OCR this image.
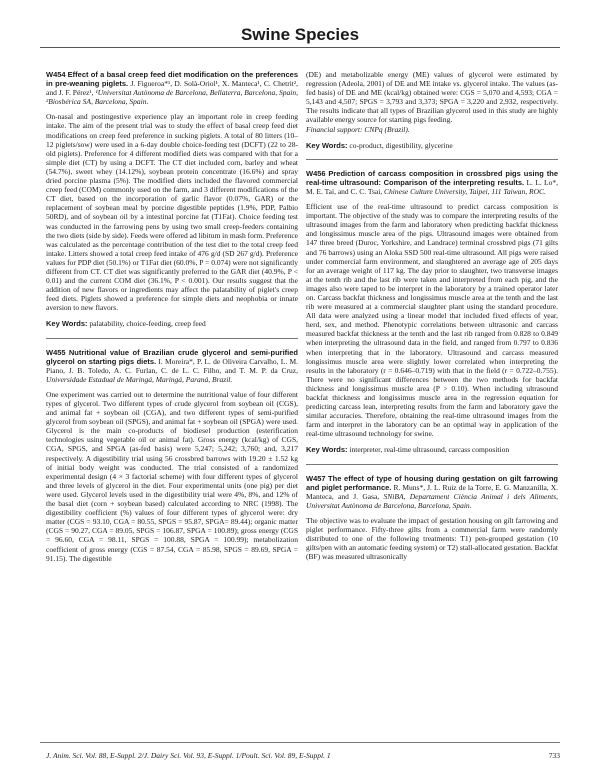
Swine Species

W454 Effect of a basal creep feed diet modification on the preferences in pre-weaning piglets. J. Figueroa*¹, D. Solà-Oriol¹, X. Manteca¹, C. Chetrit², and J. F. Pérez¹, ¹Universitat Autònoma de Barcelona, Bellaterra, Barcelona, Spain, ²Biosbérica SA, Barcelona, Spain.

On-nasal and postingestive experience play an important role in creep feeding intake. The aim of the present trial was to study the effect of basal creep feed diet modifications on creep feed preference in sucking piglets. A total of 80 litters (10–12 piglets/sow) were used in a 6-day double choice-feeding test (DCFT) (22 to 28-old piglets). Preference for 4 different modified diets was compared with that for a simple diet (CT) by using a DCFT. The CT diet included corn, barley and wheat (54.7%), sweet whey (14.12%), soybean protein concentrate (16.6%) and spray dried porcine plasma (5%). The modified diets included the flavored commercial creep feed (COM) commonly used on the farm, and 3 different modifications of the CT diet, based on the incorporation of garlic flavor (0.07%, GAR) or the replacement of soybean meal by porcine digestible peptides (1.9%, PDP, Palbio 50RD), and of soybean oil by a intestinal porcine fat (T1Fat). Choice feeding test was conducted in the farrowing pens by using two small creep-feeders containing the two diets (side by side). Feeds were offered ad libitum in mash form. Preference was calculated as the percentage contribution of the test diet to the total creep feed intake. Litters showed a total creep feed intake of 476 g/d (SD 267 g/d). Preference values for PDP diet (50.1%) or T1Fat diet (60.0%, P = 0.074) were not significantly different from CT. CT diet was significantly preferred to the GAR diet (40.9%, P < 0.01) and the current COM diet (36.1%, P < 0.001). Our results suggest that the addition of new flavors or ingredients may affect the palatability of piglet's creep feed diets. Piglets showed a preference for simple diets and neophobia or innate aversion to new flavors.

Key Words: palatability, choice-feeding, creep feed

W455 Nutritional value of Brazilian crude glycerol and semi-purified glycerol on starting pigs diets. I. Moreira*, P. L. de Oliveira Carvalho, L. M. Piano, J. B. Toledo, A. C. Furlan, C. de L. C. Filho, and T. M. P. da Cruz, Universidade Estadual de Maringá, Maringá, Paraná, Brazil.

One experiment was carried out to determine the nutritional value of four different types of glycerol. Two different types of crude glycerol from soybean oil (CGS), and animal fat + soybean oil (CGA), and two different types of semi-purified glycerol from soybean oil (SPGS), and animal fat + soybean oil (SPGA) were used. Glycerol is the main co-products of biodiesel production (esterification technologies using vegetable oil or animal fat). Gross energy (kcal/kg) of CGS, CGA, SPGS, and SPGA (as-fed basis) were 5,247; 5,242; 3,760; and, 3,217 respectively. A digestibility trial using 56 crossbred barrows with 19.20 ± 1.52 kg of initial body weight was conducted. The trial consisted of a randomized experimental design (4 × 3 factorial scheme) with four different types of glycerol and three levels of glycerol in the diet. Four experimental units (one pig) per diet were used. Glycerol levels used in the digestibility trial were 4%, 8%, and 12% of the basal diet (corn + soybean based) calculated according to NRC (1998). The digestibility coefficient (%) values of four different types of glycerol were: dry matter (CGS = 93.10, CGA = 80.55, SPGS = 95.87, SPGA= 89.44); organic matter (CGS = 90.27, CGA = 89.05, SPGS = 106.87, SPGA = 100.89); gross energy (CGS = 96.60, CGA = 98.11, SPGS = 100.88, SPGA = 100.99); metabolization coefficient of gross energy (CGS = 87.54, CGA = 85.98, SPGS = 89.69, SPGA = 91.15). The digestible

(DE) and metabolizable energy (ME) values of glycerol were estimated by regression (Adeola, 2001) of DE and ME intake vs. glycerol intake. The values (as-fed basis) of DE and ME (kcal/kg) obtained were: CGS = 5,070 and 4,593; CGA = 5,143 and 4,507; SPGS = 3,793 and 3,373; SPGA = 3,220 and 2,932, respectively. The results indicate that all types of Brazilian glycerol used in this study are highly available energy source for starting pigs feeding.

Financial support: CNPq (Brazil).

Key Words: co-product, digestibility, glycerine

W456 Prediction of carcass composition in crossbred pigs using the real-time ultrasound: Comparison of the interpreting results. L. L. Lo*, M. E. Tai, and C. C. Tsai, Chinese Culture University, Taipei, 111 Taiwan, ROC.

Efficient use of the real-time ultrasound to predict carcass composition is important. The objective of the study was to compare the interpreting results of the ultrasound images from the farm and laboratory when predicting backfat thickness and longissimus muscle area of the pigs. Ultrasound images were obtained from 147 three breed (Duroc, Yorkshire, and Landrace) terminal crossbred pigs (71 gilts and 76 barrows) using an Aloka SSD 500 real-time ultrasound. All pigs were raised under commercial farm environment, and slaughtered an average age of 205 days for an average weight of 117 kg. The day prior to slaughter, two transverse images at the tenth rib and the last rib were taken and interpreted from each pig, and the images also were taped to be interpret in the laboratory by a trained operator later on. Carcass backfat thickness and longissimus muscle area at the tenth and the last rib were measured at a commercial slaughter plant using the standard procedure. All data were analyzed using a linear model that included fixed effects of year, herd, sex, and method. Phenotypic correlations between ultrasonic and carcass measured backfat thickness at the tenth and the last rib ranged from 0.828 to 0.849 when interpreting the ultrasound data in the field, and ranged from 0.797 to 0.836 when interpreting that in the laboratory. Ultrasound and carcass measured longissimus muscle area were slightly lower correlated when interpreting the results in the laboratory (r = 0.646–0.719) with that in the field (r = 0.722–0.755). There were no significant differences between the two methods for backfat thickness and longissimus muscle area (P > 0.10). When including ultrasound backfat thickness and longissimus muscle area in the regression equation for predicting carcass lean, interpreting results from the farm and laboratory gave the similar accuracies. Therefore, obtaining the real-time ultrasound images from the farm and interpret in the laboratory can be an optimal way in application of the real-time ultrasound technology for swine.

Key Words: interpreter, real-time ultrasound, carcass composition

W457 The effect of type of housing during gestation on gilt farrowing and piglet performance. R. Muns*, J. L. Ruiz de la Torre, E. G. Manzanilla, X. Manteca, and J. Gasa, SNiBA, Departament Ciència Animal i dels Aliments, Universitat Autònoma de Barcelona, Barcelona, Spain.

The objective was to evaluate the impact of gestation housing on gilt farrowing and piglet performance. Fifty-three gilts from a commercial farm were randomly distributed to one of the following treatments: T1) pen-grouped gestation (10 gilts/pen with an automatic feeding system) or T2) stall-allocated gestation. Backfat (BF) was measured ultrasonically

J. Anim. Sci. Vol. 88, E-Suppl. 2/J. Dairy Sci. Vol. 93, E-Suppl. 1/Poult. Sci. Vol. 89, E-Suppl. 1	733
